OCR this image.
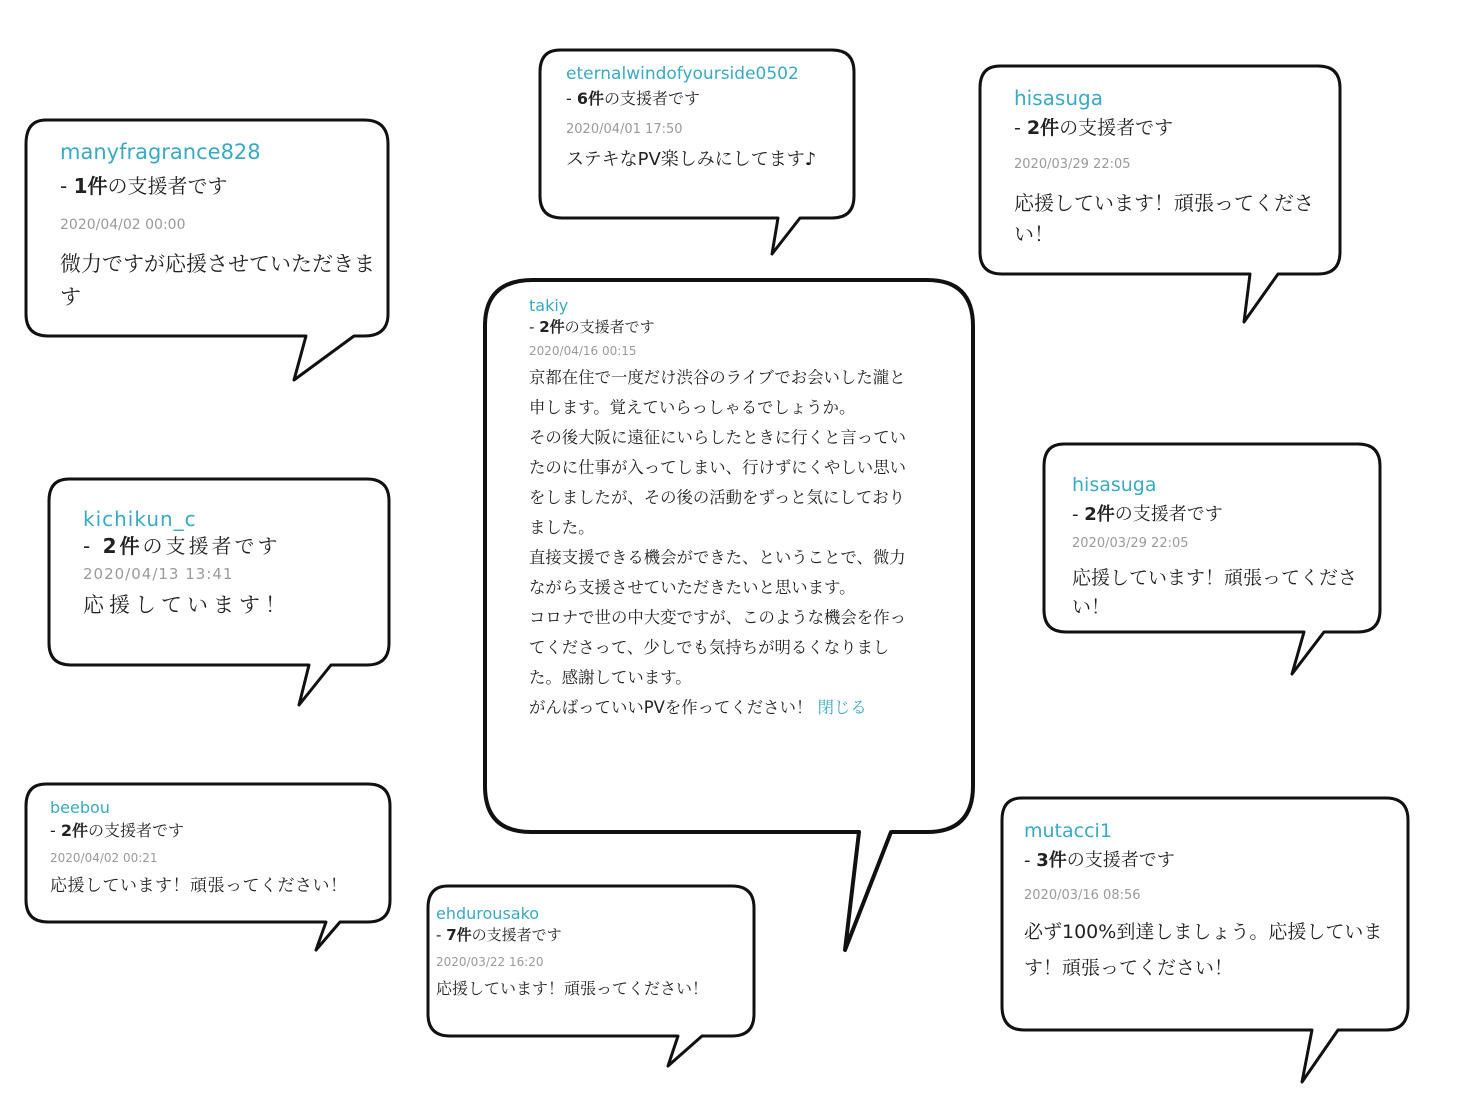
manyfragrance828
- 1件の支援者です
2020/04/02 00:00
微力ですが応援させていただきます
eternalwindofyourside0502
- 6件の支援者です
2020/04/01 17:50
ステキなPV楽しみにしてます♪
hisasuga
- 2件の支援者です
2020/03/29 22:05
応援しています！頑張ってください！
takiy
- 2件の支援者です
2020/04/16 00:15
京都在住で一度だけ渋谷のライブでお会いした瀧と申します。覚えていらっしゃるでしょうか。
その後大阪に遠征にいらしたときに行くと言っていたのに仕事が入ってしまい、行けずにくやしい思いをしましたが、その後の活動をずっと気にしておりました。
直接支援できる機会ができた、ということで、微力ながら支援させていただきたいと思います。
コロナで世の中大変ですが、このような機会を作ってくださって、少しでも気持ちが明るくなりました。感謝しています。
がんばっていいPVを作ってください！ 閉じる
kichikun_c
- 2件の支援者です
2020/04/13 13:41
応援しています！
hisasuga
- 2件の支援者です
2020/03/29 22:05
応援しています！頑張ってください！
beebou
- 2件の支援者です
2020/04/02 00:21
応援しています！頑張ってください！
ehdurousako
- 7件の支援者です
2020/03/22 16:20
応援しています！頑張ってください！
mutacci1
- 3件の支援者です
2020/03/16 08:56
必ず100%到達しましょう。応援しています！頑張ってください！
